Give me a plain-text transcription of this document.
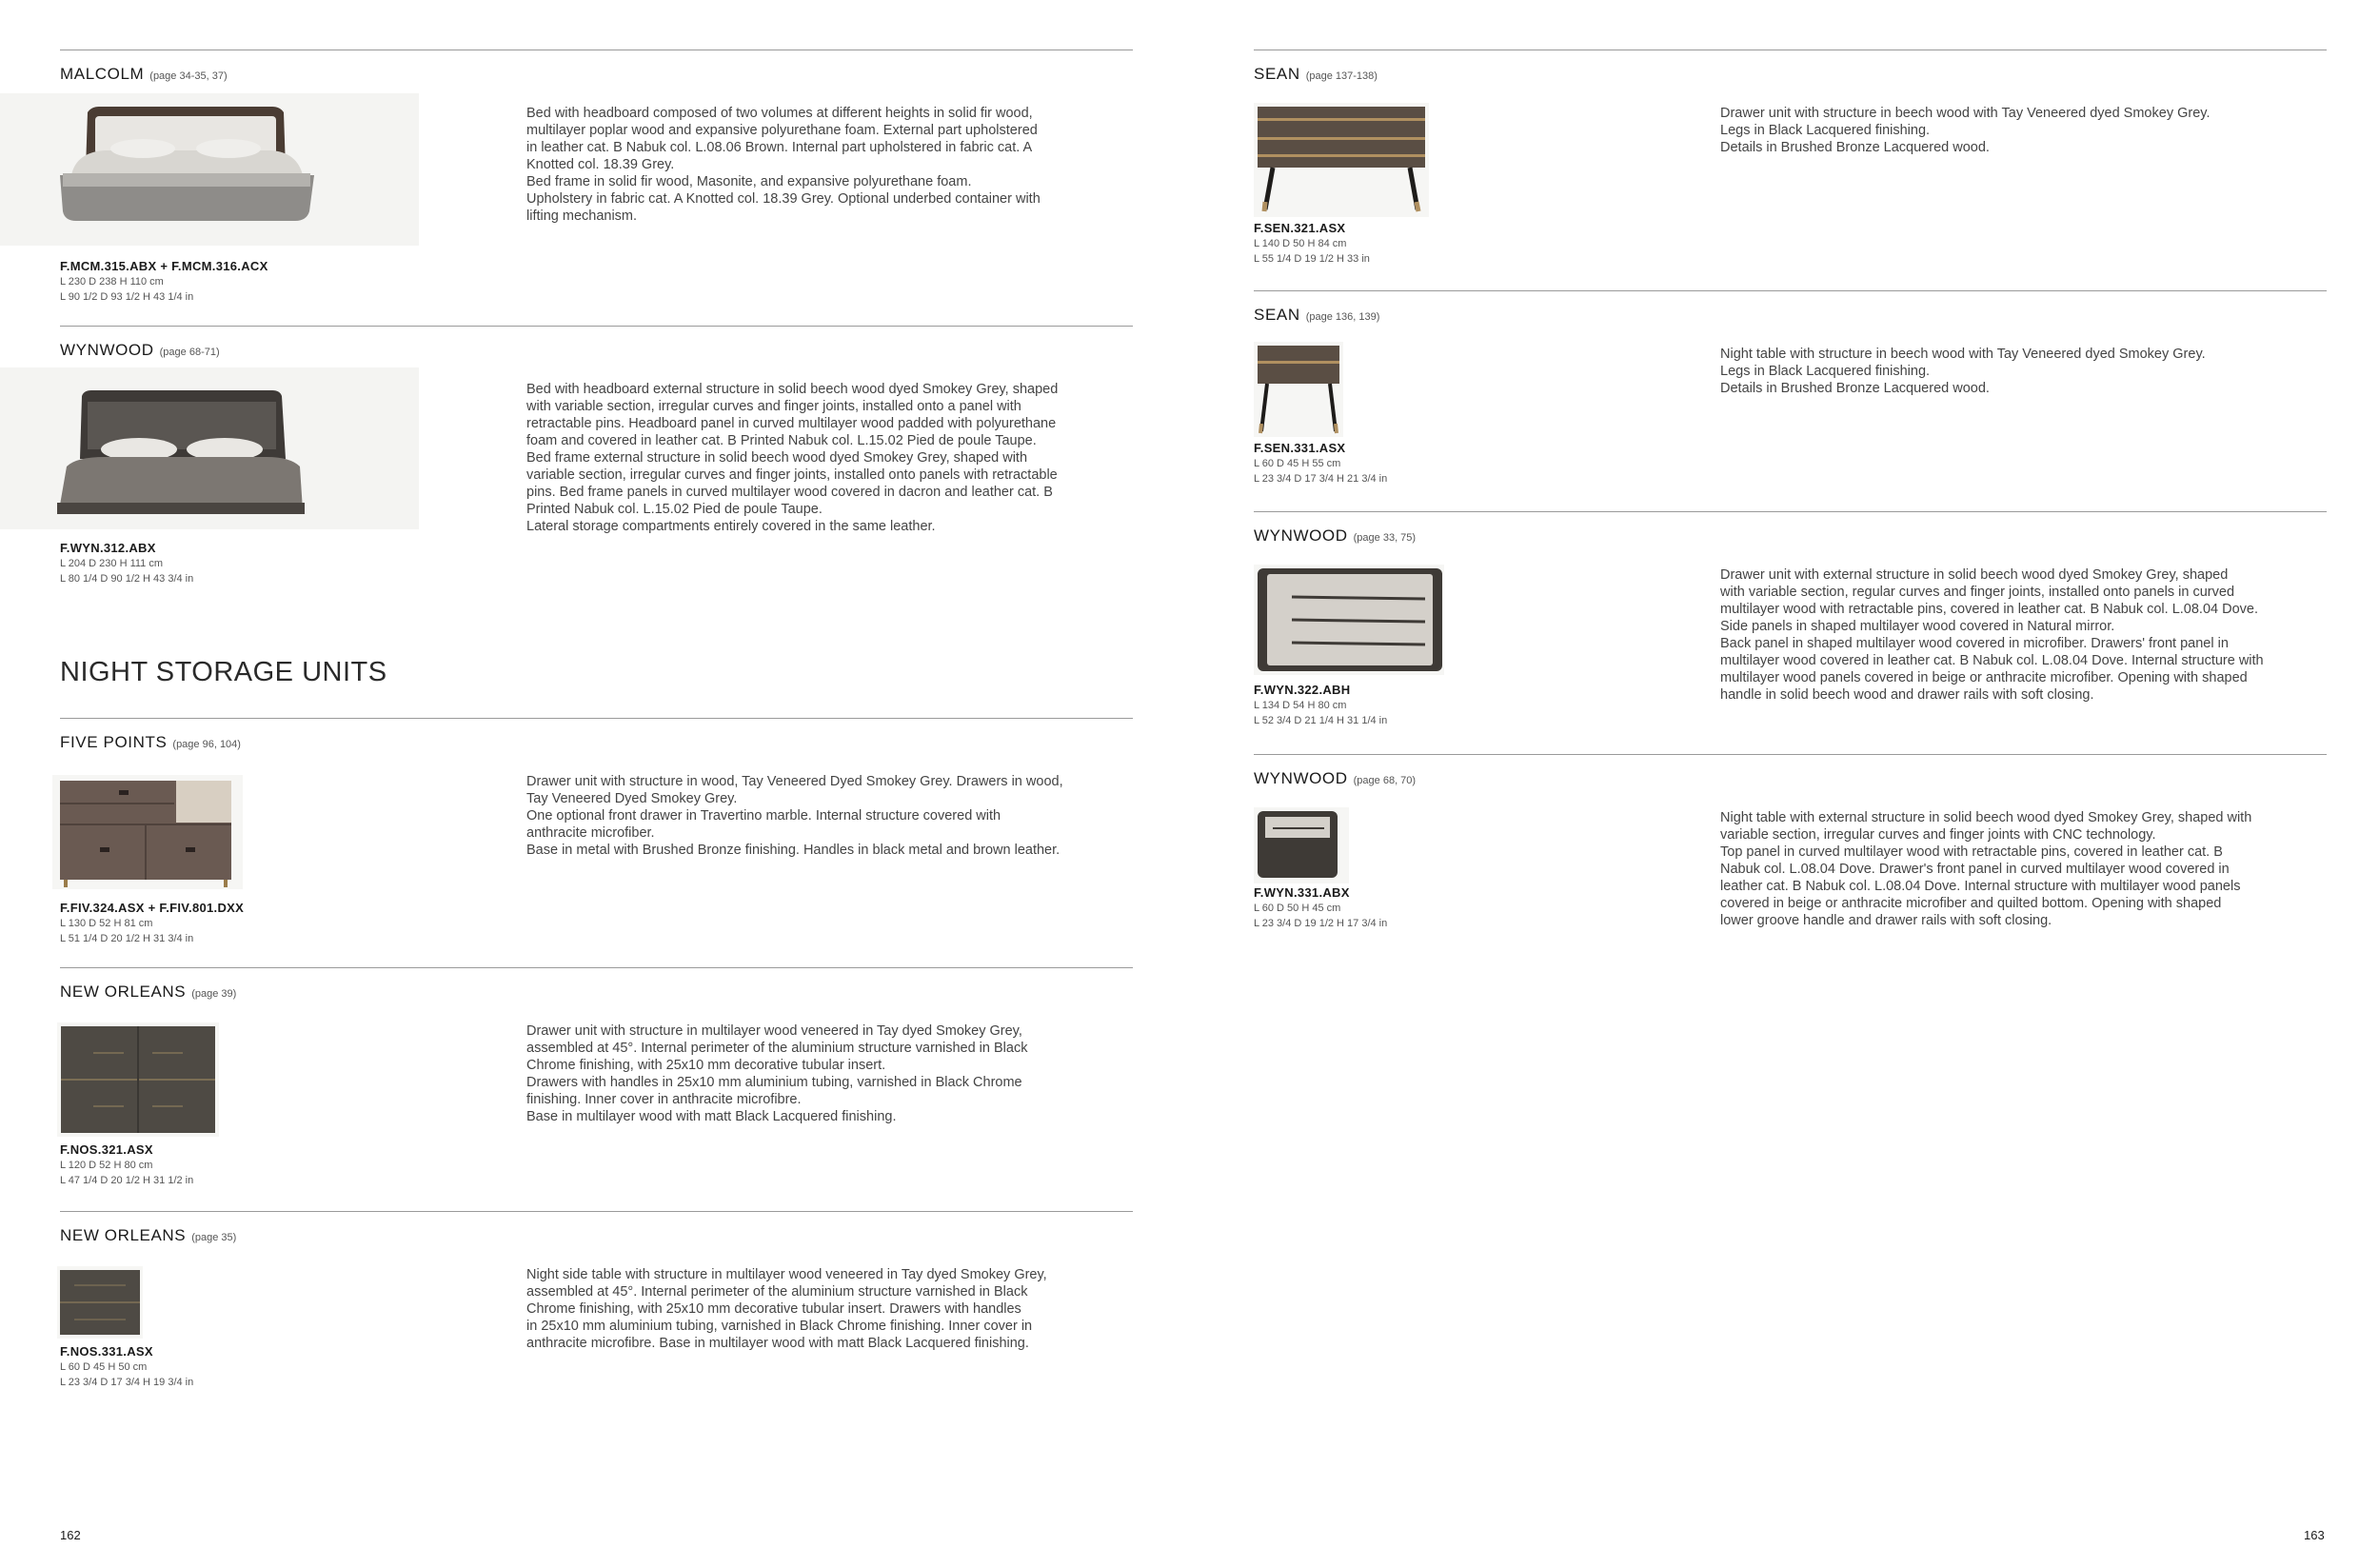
MALCOLM (page 34-35, 37)
F.MCM.315.ABX + F.MCM.316.ACX
L 230 D 238 H 110 cm
L 90 1/2 D 93 1/2 H 43 1/4 in
Bed with headboard composed of two volumes at different heights in solid fir wood,
multilayer poplar wood and expansive polyurethane foam. External part upholstered
in leather cat. B Nabuk col. L.08.06 Brown. Internal part upholstered in fabric cat. A
Knotted col. 18.39 Grey.
Bed frame in solid fir wood, Masonite, and expansive polyurethane foam.
Upholstery in fabric cat. A Knotted col. 18.39 Grey. Optional underbed container with
lifting mechanism.
WYNWOOD (page 68-71)
F.WYN.312.ABX
L 204 D 230 H 111 cm
L 80 1/4 D 90 1/2 H 43 3/4 in
Bed with headboard external structure in solid beech wood dyed Smokey Grey, shaped
with variable section, irregular curves and finger joints, installed onto a panel with
retractable pins. Headboard panel in curved multilayer wood padded with polyurethane
foam and covered in leather cat. B Printed Nabuk col. L.15.02 Pied de poule Taupe.
Bed frame external structure in solid beech wood dyed Smokey Grey, shaped with
variable section, irregular curves and finger joints, installed onto panels with retractable
pins. Bed frame panels in curved multilayer wood covered in dacron and leather cat. B
Printed Nabuk col. L.15.02 Pied de poule Taupe.
Lateral storage compartments entirely covered in the same leather.
NIGHT STORAGE UNITS
FIVE POINTS (page 96, 104)
F.FIV.324.ASX + F.FIV.801.DXX
L 130 D 52 H 81 cm
L 51 1/4 D 20 1/2 H 31 3/4 in
Drawer unit with structure in wood, Tay Veneered Dyed Smokey Grey. Drawers in wood,
Tay Veneered Dyed Smokey Grey.
One optional front drawer in Travertino marble. Internal structure covered with
anthracite microfiber.
Base in metal with Brushed Bronze finishing. Handles in black metal and brown leather.
NEW ORLEANS (page 39)
F.NOS.321.ASX
L 120 D 52 H 80 cm
L 47 1/4 D 20 1/2 H 31 1/2 in
Drawer unit with structure in multilayer wood veneered in Tay dyed Smokey Grey,
assembled at 45°. Internal perimeter of the aluminium structure varnished in Black
Chrome finishing, with 25x10 mm decorative tubular insert.
Drawers with handles in 25x10 mm aluminium tubing, varnished in Black Chrome
finishing. Inner cover in anthracite microfibre.
Base in multilayer wood with matt Black Lacquered finishing.
NEW ORLEANS (page 35)
F.NOS.331.ASX
L 60 D 45 H 50 cm
L 23 3/4 D 17 3/4 H 19 3/4 in
Night side table with structure in multilayer wood veneered in Tay dyed Smokey Grey,
assembled at 45°. Internal perimeter of the aluminium structure varnished in Black
Chrome finishing, with 25x10 mm decorative tubular insert. Drawers with handles
in 25x10 mm aluminium tubing, varnished in Black Chrome finishing. Inner cover in
anthracite microfibre. Base in multilayer wood with matt Black Lacquered finishing.
162
SEAN (page 137-138)
F.SEN.321.ASX
L 140 D 50 H 84 cm
L 55 1/4 D 19 1/2 H 33 in
Drawer unit with structure in beech wood with Tay Veneered dyed Smokey Grey.
Legs in Black Lacquered finishing.
Details in Brushed Bronze Lacquered wood.
SEAN (page 136, 139)
F.SEN.331.ASX
L 60 D 45 H 55 cm
L 23 3/4 D 17 3/4 H 21 3/4 in
Night table with structure in beech wood with Tay Veneered dyed Smokey Grey.
Legs in Black Lacquered finishing.
Details in Brushed Bronze Lacquered wood.
WYNWOOD (page 33, 75)
F.WYN.322.ABH
L 134 D 54 H 80 cm
L 52 3/4 D 21 1/4 H 31 1/4 in
Drawer unit with external structure in solid beech wood dyed Smokey Grey, shaped
with variable section, regular curves and finger joints, installed onto panels in curved
multilayer wood with retractable pins, covered in leather cat. B Nabuk col. L.08.04 Dove.
Side panels in shaped multilayer wood covered in Natural mirror.
Back panel in shaped multilayer wood covered in microfiber. Drawers' front panel in
multilayer wood covered in leather cat. B Nabuk col. L.08.04 Dove. Internal structure with
multilayer wood panels covered in beige or anthracite microfiber. Opening with shaped
handle in solid beech wood and drawer rails with soft closing.
WYNWOOD (page 68, 70)
F.WYN.331.ABX
L 60 D 50 H 45 cm
L 23 3/4 D 19 1/2 H 17 3/4 in
Night table with external structure in solid beech wood dyed Smokey Grey, shaped with
variable section, irregular curves and finger joints with CNC technology.
Top panel in curved multilayer wood with retractable pins, covered in leather cat. B
Nabuk col. L.08.04 Dove. Drawer's front panel in curved multilayer wood covered in
leather cat. B Nabuk col. L.08.04 Dove. Internal structure with multilayer wood panels
covered in beige or anthracite microfiber and quilted bottom. Opening with shaped
lower groove handle and drawer rails with soft closing.
163
